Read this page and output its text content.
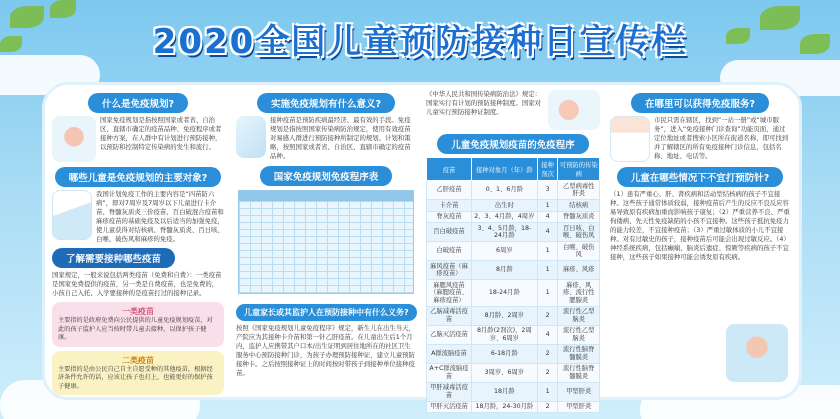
2020全国儿童预防接种日宣传栏
什么是免疫规划?
国家免疫规划是指按照国家或者省、自治区、直辖市确定的疫苗品种、免疫程序或者接种方案，在人群中有计划进行预防接种，以预防和控制特定传染病的发生和流行。
哪些儿童是免疫规划的主要对象?
我国计划免疫工作的主要内容是“四苗防六病”，即对7周岁及7周岁以下儿童进行卡介苗、脊髓灰质炎三价疫苗、百白破混合疫苗和麻疹疫苗的基础免疫及以后适当的加强免疫，使儿童获得对结核病、脊髓灰质炎、百日咳、白喉、破伤风和麻疹的免疫。
了解需要接种哪些疫苗
国家规定，一般来说包括两类疫苗（免费和自费）：一类疫苗是国家免费提供的疫苗，另一类是自费疫苗，也是免费的，小孩自己入托、入学要接种的是疫苗打过的接种记录。
一类疫苗
主要指的是政府免费向公民提供的儿童免疫规划疫苗，对此的孩子监护人应当按时带儿童去接种，以保护孩子健康。
二类疫苗
主要指的是由公民自己自主自愿受种的其他疫苗，根据经济条件允许的话，应该让孩子也打上，也能更好的保护孩子健康。
实施免疫规划有什么意义?
接种疫苗是预防疾病最经济、最有效的手段。免疫规划是指按照国家传染病防治规定，使用有效疫苗对易感人群进行预防接种所制定的规划、计划和策略，按照国家或者省、自治区、直辖市确定的疫苗品种。
国家免疫规划免疫程序表
儿童家长或其监护人在预防接种中有什么义务?
按照《国家免疫规划儿童免疫程序》规定，新生儿在出生当天，产院应为其接种卡介苗和第一针乙肝疫苗。在儿童出生后1个月内，监护人应携带其户口本/出生证明到居住地所在的社区卫生服务中心预防接种门诊，为孩子办理预防接种证，建立儿童预防接种卡。之后按照接种证上的时间按时带孩子到接种单位接种疫苗。
《中华人民共和国传染病防治法》规定：国家实行有计划的预防接种制度。国家对儿童实行预防接种证制度。
儿童免疫规划疫苗的免疫程序
疫苗	接种对象月（年）龄	接种剂次	可预防的传染病
乙肝疫苗	0、1、6月龄	3	乙型病毒性肝炎
卡介苗	出生时	1	结核病
脊灰疫苗	2、3、4月龄，4周岁	4	脊髓灰质炎
百白破疫苗	3、4、5月龄，18-24月龄	4	百日咳、白喉、破伤风
白破疫苗	6周岁	1	白喉、破伤风
麻风疫苗（麻疹疫苗）	8月龄	1	麻疹、风疹
麻腮风疫苗（麻腮疫苗、麻疹疫苗）	18-24月龄	1	麻疹、风疹、流行性腮腺炎
乙脑减毒活疫苗	8月龄、2周岁	2	流行性乙型脑炎
乙脑灭活疫苗	8月龄(2剂次)，2周岁、6周岁	4	流行性乙型脑炎
A群流脑疫苗	6-18月龄	2	流行性脑脊髓膜炎
A+C群流脑疫苗	3周岁、6周岁	2	流行性脑脊髓膜炎
甲肝减毒活疫苗	18月龄	1	甲型肝炎
甲肝灭活疫苗	18月龄，24-30月龄	2	甲型肝炎
在哪里可以获得免疫服务?
市民只需在辖区，找到“一站一册”或“城市服务”，进入“免疫接种门诊查询”功能页面，通过定位地址或者搜索小区所在街道名称，即可找到并了解辖区的所有免疫接种门诊信息，包括名称、地址、电话等。
儿童在哪些情况下不宜打预防针?
（1）患有严重心、肝、肾疾病和活动型结核病的孩子不宜接种。这些孩子通常体质较弱，接种疫苗后产生的反应不良反应容易导致原有疾病加重而影响孩子康复；（2）严重营养不良、严重佝偻病、先天性免疫缺陷的小孩不宜接种。这些孩子抵抗免疫力的能力较差，不宜接种疫苗；（3）严重过敏体质的小儿不宜接种。对有过敏史的孩子，接种疫苗后可能会出现过敏反应。（4）神经系统疾病，包括癫痫、脑炎后遗症、惊厥等疾病的孩子不宜接种，这些孩子如果接种可能会诱发原有疾病。
